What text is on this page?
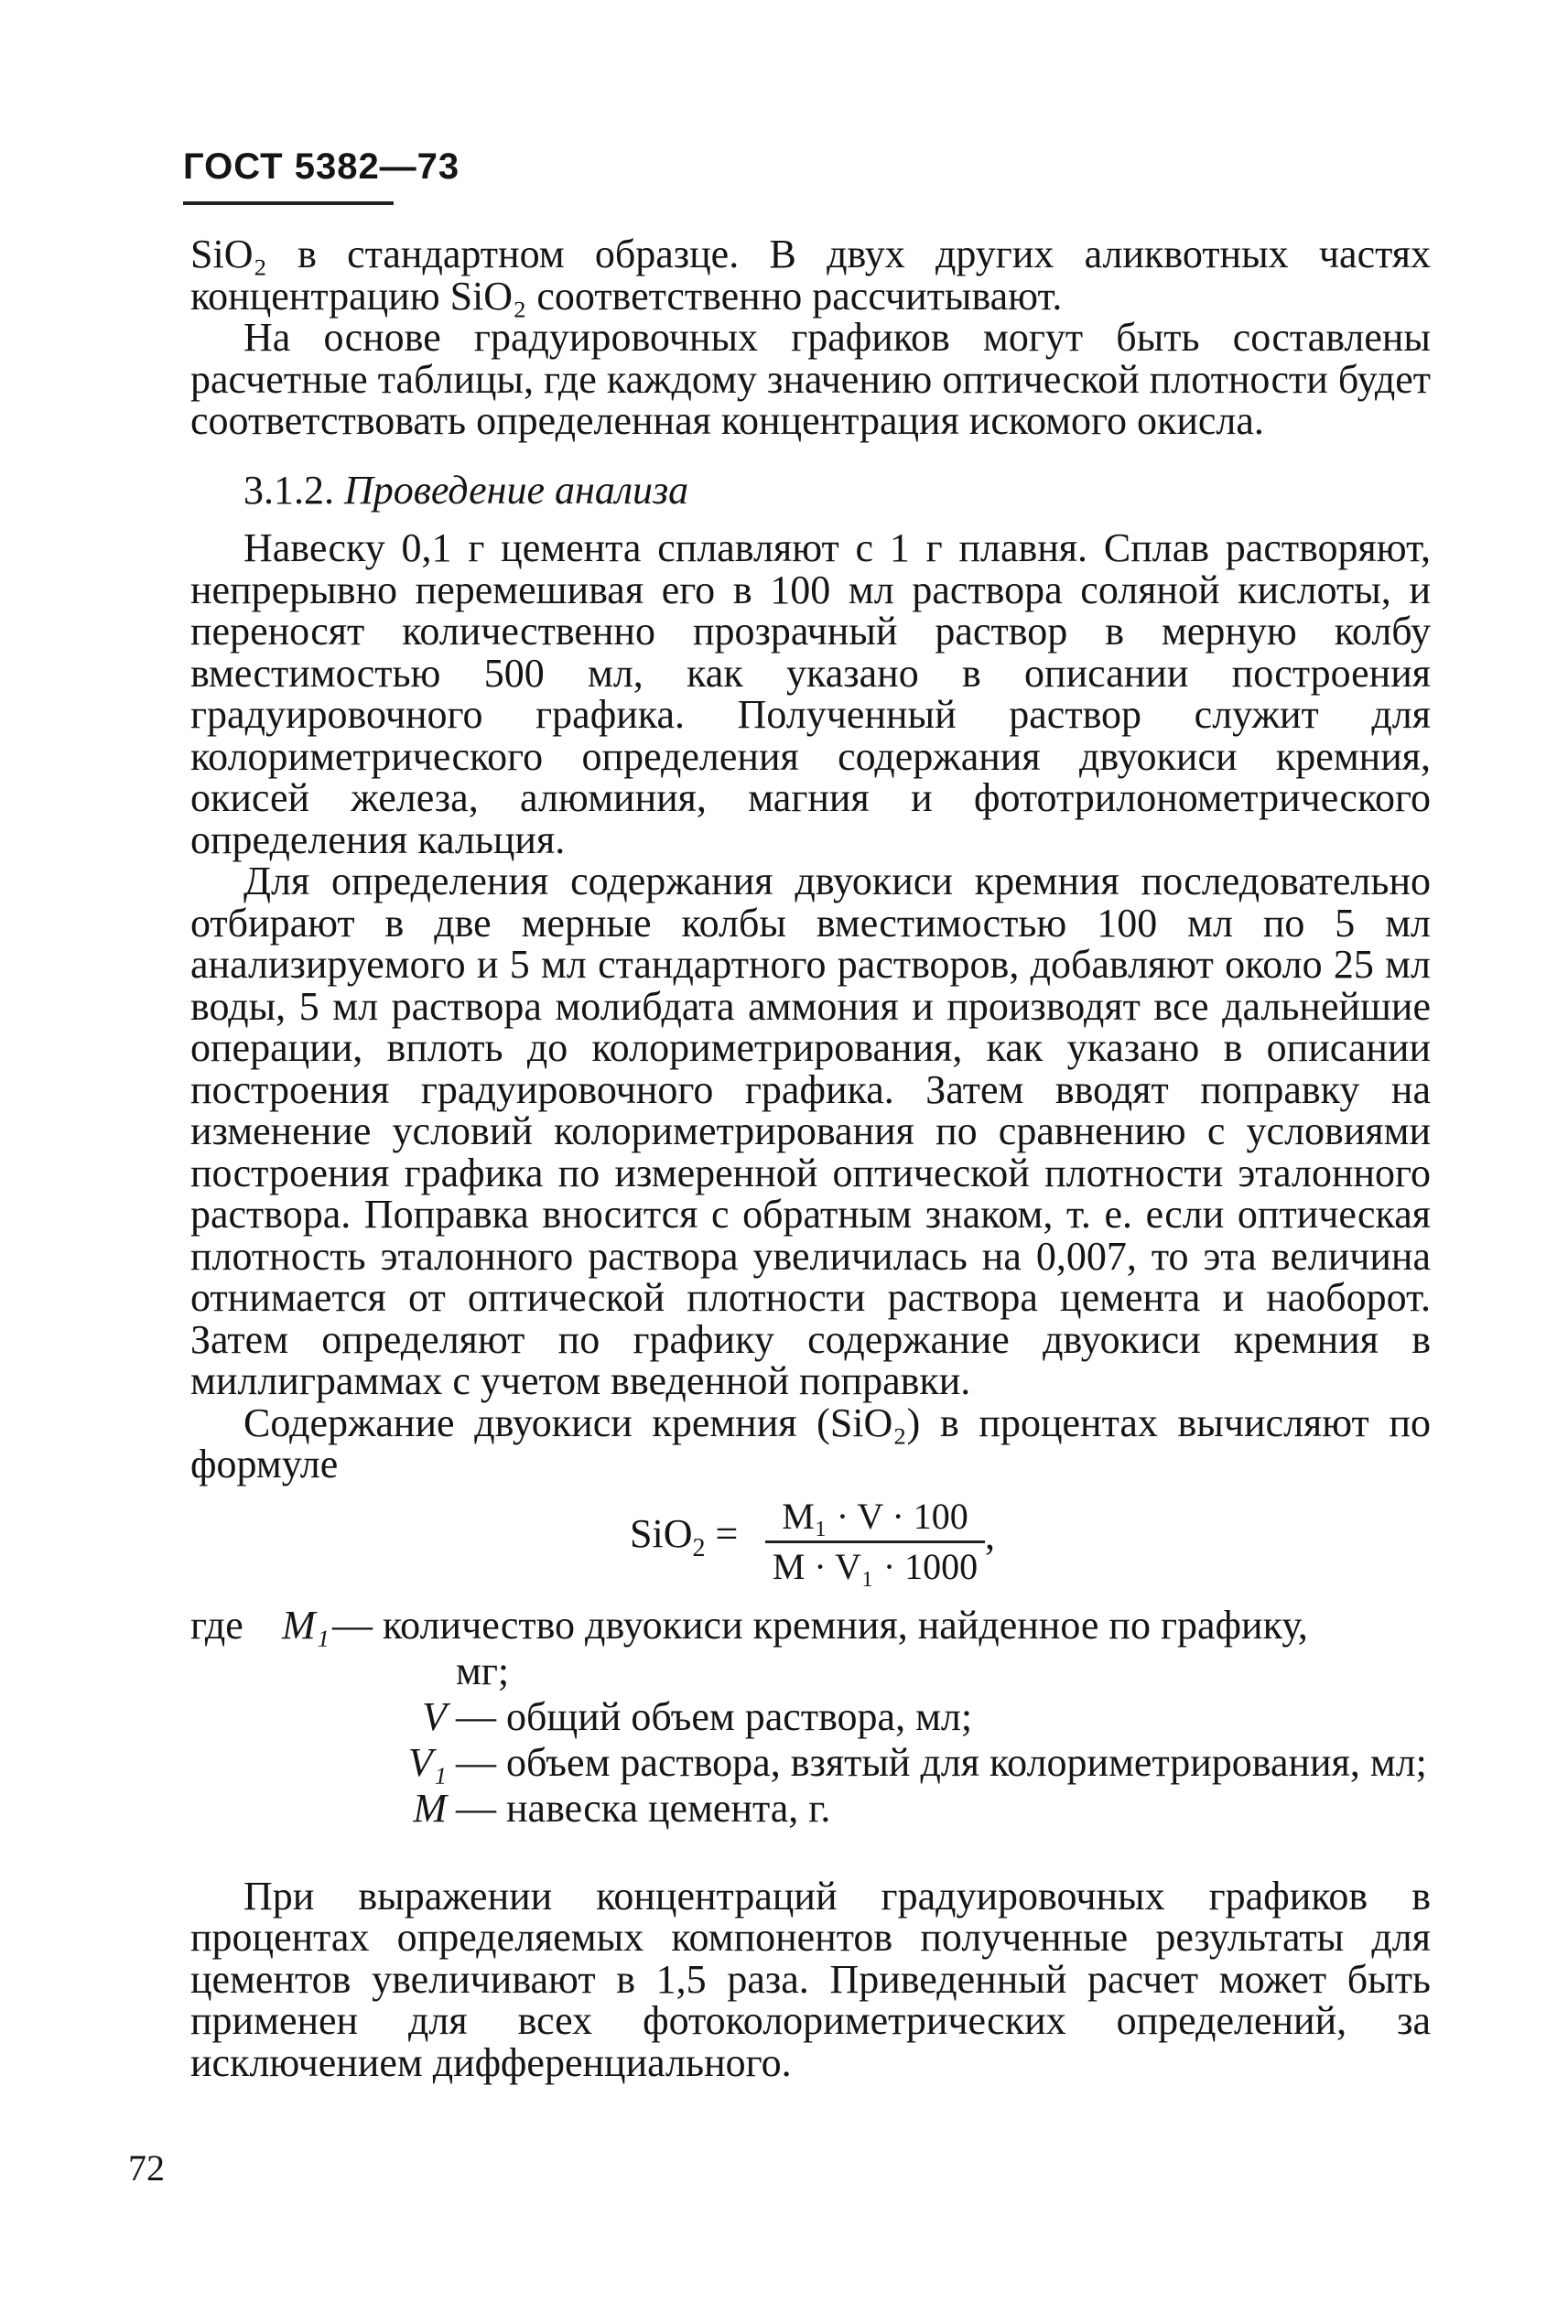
ГОСТ 5382—73

SiO₂ в стандартном образце. В двух других аликвотных частях концентрацию SiO₂ соответственно рассчитывают.

На основе градуировочных графиков могут быть составлены расчетные таблицы, где каждому значению оптической плотности будет соответствовать определенная концентрация искомого окисла.

3.1.2. Проведение анализа

Навеску 0,1 г цемента сплавляют с 1 г плавня. Сплав растворяют, непрерывно перемешивая его в 100 мл раствора соляной кислоты, и переносят количественно прозрачный раствор в мерную колбу вместимостью 500 мл, как указано в описании построения градуировочного графика. Полученный раствор служит для колориметрического определения содержания двуокиси кремния, окисей железа, алюминия, магния и фототрилонометрического определения кальция.

Для определения содержания двуокиси кремния последовательно отбирают в две мерные колбы вместимостью 100 мл по 5 мл анализируемого и 5 мл стандартного растворов, добавляют около 25 мл воды, 5 мл раствора молибдата аммония и производят все дальнейшие операции, вплоть до колориметрирования, как указано в описании построения градуировочного графика. Затем вводят поправку на изменение условий колориметрирования по сравнению с условиями построения графика по измеренной оптической плотности эталонного раствора. Поправка вносится с обратным знаком, т. е. если оптическая плотность эталонного раствора увеличилась на 0,007, то эта величина отнимается от оптической плотности раствора цемента и наоборот. Затем определяют по графику содержание двуокиси кремния в миллиграммах с учетом введенной поправки.

Содержание двуокиси кремния (SiO₂) в процентах вычисляют по формуле

SiO$_2$ =	M₁ · V · 100
M · V₁ · 1000
,
где M₁ — количество двуокиси кремния, найденное по графику,
мг;
V — общий объем раствора, мл;
V₁ — объем раствора, взятый для колориметрирования, мл;
M — навеска цемента, г.

При выражении концентраций градуировочных графиков в процентах определяемых компонентов полученные результаты для цементов увеличивают в 1,5 раза. Приведенный расчет может быть применен для всех фотоколориметрических определений, за исключением дифференциального.

72
